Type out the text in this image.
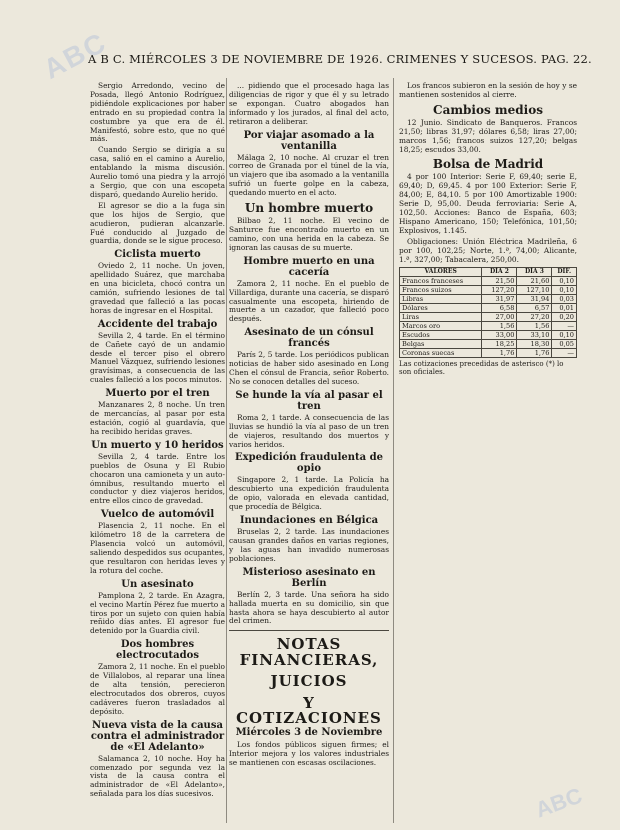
ABC
ABC
A B C. MIÉRCOLES 3 DE NOVIEMBRE DE 1926. CRIMENES Y SUCESOS. PAG. 22.

Sergio Arredondo, vecino de Posada, llegó Antonio Rodríguez, pidiéndole explicaciones por haber entrado en su propiedad contra la costumbre ya que era de él. Manifestó, sobre esto, que no qué más.

Cuando Sergio se dirigía a su casa, salió en el camino a Aurelio, entablando la misma discusión. Aurelio tomó una piedra y la arrojó a Sergio, que con una escopeta disparó, quedando Aurelio herido.

El agresor se dio a la fuga sin que los hijos de Sergio, que acudieron, pudieran alcanzarle. Fué conducido al Juzgado de guardia, donde se le sigue proceso.

Ciclista muerto

Oviedo 2, 11 noche. Un joven, apellidado Suárez, que marchaba en una bicicleta, chocó contra un camión, sufriendo lesiones de tal gravedad que falleció a las pocas horas de ingresar en el Hospital.

Accidente del trabajo

Sevilla 2, 4 tarde. En el término de Cañete cayó de un andamio desde el tercer piso el obrero Manuel Vázquez, sufriendo lesiones gravísimas, a consecuencia de las cuales falleció a los pocos minutos.

Muerto por el tren

Manzanares 2, 8 noche. Un tren de mercancías, al pasar por esta estación, cogió al guardavía, que ha recibido heridas graves.

Un muerto y 10 heridos

Sevilla 2, 4 tarde. Entre los pueblos de Osuna y El Rubio chocaron una camioneta y un auto-ómnibus, resultando muerto el conductor y diez viajeros heridos, entre ellos cinco de gravedad.

Vuelco de automóvil

Plasencia 2, 11 noche. En el kilómetro 18 de la carretera de Plasencia volcó un automóvil, saliendo despedidos sus ocupantes, que resultaron con heridas leves y la rotura del coche.

Un asesinato

Pamplona 2, 2 tarde. En Azagra, el vecino Martín Pérez fue muerto a tiros por un sujeto con quien había reñido días antes. El agresor fue detenido por la Guardia civil.

Dos hombres electrocutados

Zamora 2, 11 noche. En el pueblo de Villalobos, al reparar una línea de alta tensión, perecieron electrocutados dos obreros, cuyos cadáveres fueron trasladados al depósito.

Nueva vista de la causa contra el administrador de «El Adelanto»

Salamanca 2, 10 noche. Hoy ha comenzado por segunda vez la vista de la causa contra el administrador de «El Adelanto», señalada para los días sucesivos.

... pidiendo que el procesado haga las diligencias de rigor y que él y su letrado se expongan. Cuatro abogados han informado y los jurados, al final del acto, retiraron a deliberar.

Por viajar asomado a la ventanilla

Málaga 2, 10 noche. Al cruzar el tren correo de Granada por el túnel de la vía, un viajero que iba asomado a la ventanilla sufrió un fuerte golpe en la cabeza, quedando muerto en el acto.

Un hombre muerto

Bilbao 2, 11 noche. El vecino de Santurce fue encontrado muerto en un camino, con una herida en la cabeza. Se ignoran las causas de su muerte.

Hombre muerto en una cacería

Zamora 2, 11 noche. En el pueblo de Villardiga, durante una cacería, se disparó casualmente una escopeta, hiriendo de muerte a un cazador, que falleció poco después.

Asesinato de un cónsul francés

París 2, 5 tarde. Los periódicos publican noticias de haber sido asesinado en Long Chen el cónsul de Francia, señor Roberto. No se conocen detalles del suceso.

Se hunde la vía al pasar el tren

Roma 2, 1 tarde. A consecuencia de las lluvias se hundió la vía al paso de un tren de viajeros, resultando dos muertos y varios heridos.

Expedición fraudulenta de opio

Singapore 2, 1 tarde. La Policía ha descubierto una expedición fraudulenta de opio, valorada en elevada cantidad, que procedía de Bélgica.

Inundaciones en Bélgica

Bruselas 2, 2 tarde. Las inundaciones causan grandes daños en varias regiones, y las aguas han invadido numerosas poblaciones.

Misterioso asesinato en Berlín

Berlín 2, 3 tarde. Una señora ha sido hallada muerta en su domicilio, sin que hasta ahora se haya descubierto al autor del crimen.

NOTAS FINANCIERAS,
JUICIOS
Y COTIZACIONES
Miércoles 3 de Noviembre

Los fondos públicos siguen firmes; el Interior mejora y los valores industriales se mantienen con escasas oscilaciones.

Los francos subieron en la sesión de hoy y se mantienen sostenidos al cierre.

Cambios medios

12 Junio. Sindicato de Banqueros. Francos 21,50; libras 31,97; dólares 6,58; liras 27,00; marcos 1,56; francos suizos 127,20; belgas 18,25; escudos 33,00.

Bolsa de Madrid

4 por 100 Interior: Serie F, 69,40; serie E, 69,40; D, 69,45. 4 por 100 Exterior: Serie F, 84,00; E, 84,10. 5 por 100 Amortizable 1900: Serie D, 95,00. Deuda ferroviaria: Serie A, 102,50. Acciones: Banco de España, 603; Hispano Americano, 150; Telefónica, 101,50; Explosivos, 1.145.

Obligaciones: Unión Eléctrica Madrileña, 6 por 100, 102,25; Norte, 1.ª, 74,00; Alicante, 1.ª, 327,00; Tabacalera, 250,00.

VALORES	DÍA 2	DÍA 3	DIF.
Francos franceses	21,50	21,60	0,10
Francos suizos	127,20	127,10	0,10
Libras	31,97	31,94	0,03
Dólares	6,58	6,57	0,01
Liras	27,00	27,20	0,20
Marcos oro	1,56	1,56	—
Escudos	33,00	33,10	0,10
Belgas	18,25	18,30	0,05
Coronas suecas	1,76	1,76	—
Las cotizaciones precedidas de asterisco (*) lo son oficiales.
